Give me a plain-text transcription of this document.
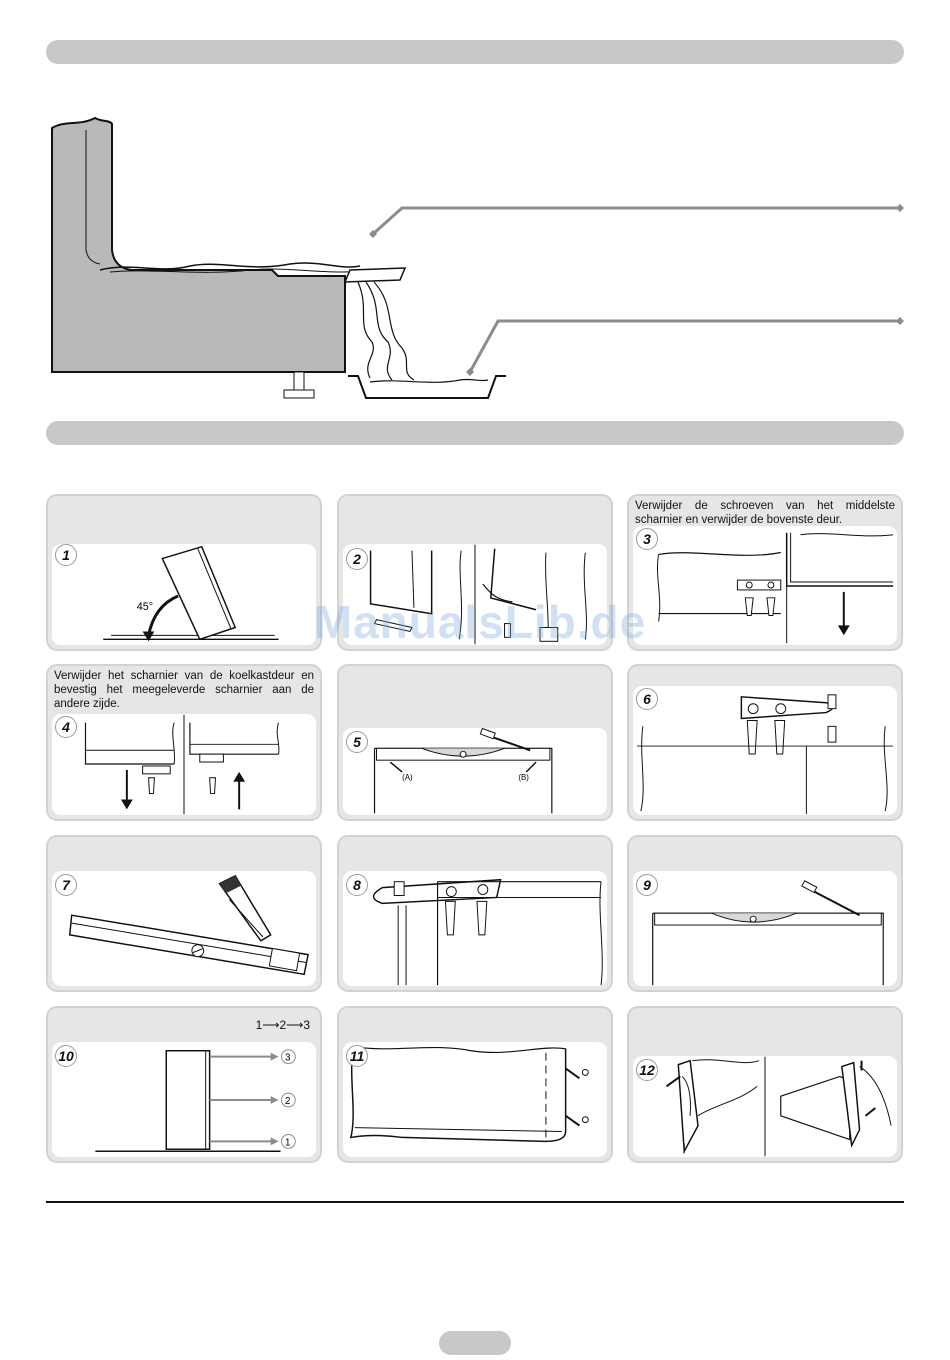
ManualsLib.de
1
45°
2
Verwijder de schroeven van het middelste scharnier en verwijder de bovenste deur.
3
Verwijder het scharnier van de koelkastdeur en bevestig het meegeleverde scharnier aan de andere zijde.
4
5
(A)	(B)
6
7	8	9
1⟶2⟶3
10	3
2
1
11
12
